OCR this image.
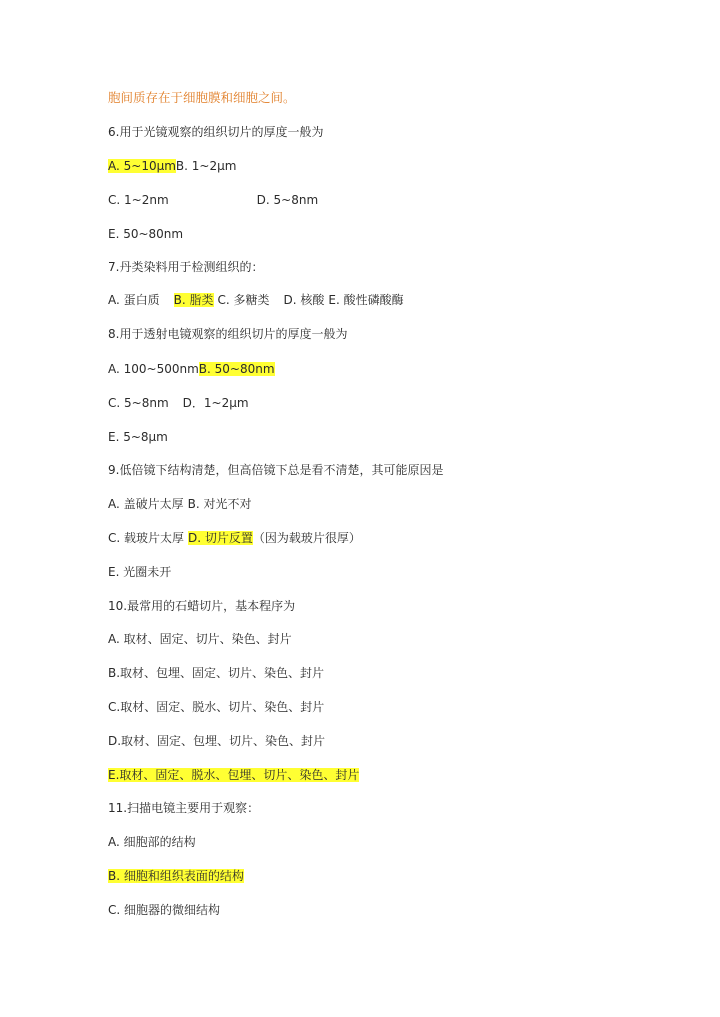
胞间质存在于细胞膜和细胞之间。
6.用于光镜观察的组织切片的厚度一般为
A. 5~10μmB. 1~2μm
C. 1~2nm	D. 5~8nm
E. 50~80nm
7.丹类染料用于检测组织的：
A. 蛋白质 B. 脂类 C. 多糖类 D. 核酸 E. 酸性磷酸酶
8.用于透射电镜观察的组织切片的厚度一般为
A. 100~500nmB. 50~80nm
C. 5~8nm D．1~2μm
E. 5~8μm
9.低倍镜下结构清楚，但高倍镜下总是看不清楚，其可能原因是
A. 盖破片太厚 B. 对光不对
C. 载玻片太厚 D. 切片反置（因为载玻片很厚）
E. 光圈未开
10.最常用的石蜡切片，基本程序为
A. 取材、固定、切片、染色、封片
B.取材、包埋、固定、切片、染色、封片
C.取材、固定、脱水、切片、染色、封片
D.取材、固定、包埋、切片、染色、封片
E.取材、固定、脱水、包埋、切片、染色、封片
11.扫描电镜主要用于观察：
A. 细胞部的结构
B. 细胞和组织表面的结构
C. 细胞器的微细结构
